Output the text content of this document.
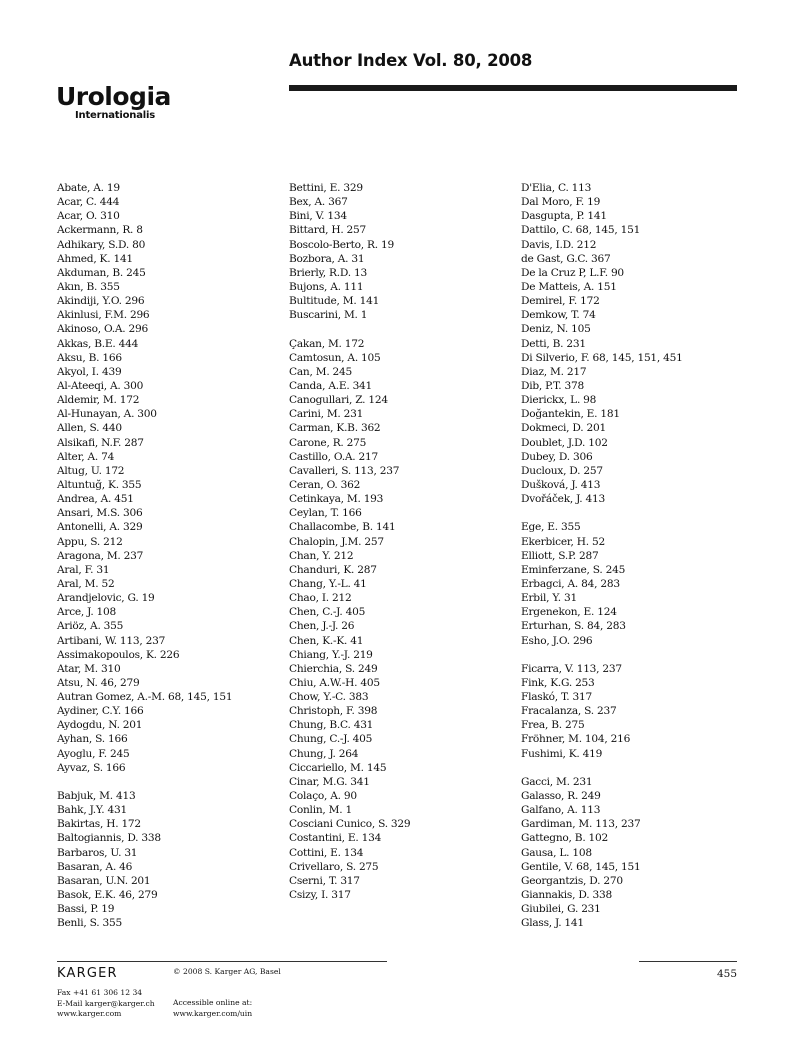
Author Index Vol. 80, 2008
Urologia
Internationalis
Abate, A. 19
Acar, C. 444
Acar, O. 310
Ackermann, R. 8
Adhikary, S.D. 80
Ahmed, K. 141
Akduman, B. 245
Akın, B. 355
Akindiji, Y.O. 296
Akinlusi, F.M. 296
Akinoso, O.A. 296
Akkas, B.E. 444
Aksu, B. 166
Akyol, I. 439
Al-Ateeqi, A. 300
Aldemir, M. 172
Al-Hunayan, A. 300
Allen, S. 440
Alsikafi, N.F. 287
Alter, A. 74
Altug, U. 172
Altuntuğ, K. 355
Andrea, A. 451
Ansari, M.S. 306
Antonelli, A. 329
Appu, S. 212
Aragona, M. 237
Aral, F. 31
Aral, M. 52
Arandjelovic, G. 19
Arce, J. 108
Ariöz, A. 355
Artibani, W. 113, 237
Assimakopoulos, K. 226
Atar, M. 310
Atsu, N. 46, 279
Autran Gomez, A.-M. 68, 145, 151
Aydiner, C.Y. 166
Aydogdu, N. 201
Ayhan, S. 166
Ayoglu, F. 245
Ayvaz, S. 166
Babjuk, M. 413
Bahk, J.Y. 431
Bakirtas, H. 172
Baltogiannis, D. 338
Barbaros, U. 31
Basaran, A. 46
Basaran, U.N. 201
Basok, E.K. 46, 279
Bassi, P. 19
Benli, S. 355
Bettini, E. 329
Bex, A. 367
Bini, V. 134
Bittard, H. 257
Boscolo-Berto, R. 19
Bozbora, A. 31
Brierly, R.D. 13
Bujons, A. 111
Bultitude, M. 141
Buscarini, M. 1
Çakan, M. 172
Camtosun, A. 105
Can, M. 245
Canda, A.E. 341
Canogullari, Z. 124
Carini, M. 231
Carman, K.B. 362
Carone, R. 275
Castillo, O.A. 217
Cavalleri, S. 113, 237
Ceran, O. 362
Cetinkaya, M. 193
Ceylan, T. 166
Challacombe, B. 141
Chalopin, J.M. 257
Chan, Y. 212
Chanduri, K. 287
Chang, Y.-L. 41
Chao, I. 212
Chen, C.-J. 405
Chen, J.-J. 26
Chen, K.-K. 41
Chiang, Y.-J. 219
Chierchia, S. 249
Chiu, A.W.-H. 405
Chow, Y.-C. 383
Christoph, F. 398
Chung, B.C. 431
Chung, C.-J. 405
Chung, J. 264
Ciccariello, M. 145
Cinar, M.G. 341
Colaço, A. 90
Conlin, M. 1
Cosciani Cunico, S. 329
Costantini, E. 134
Cottini, E. 134
Crivellaro, S. 275
Cserni, T. 317
Csizy, I. 317
D'Elia, C. 113
Dal Moro, F. 19
Dasgupta, P. 141
Dattilo, C. 68, 145, 151
Davis, I.D. 212
de Gast, G.C. 367
De la Cruz P, L.F. 90
De Matteis, A. 151
Demirel, F. 172
Demkow, T. 74
Deniz, N. 105
Detti, B. 231
Di Silverio, F. 68, 145, 151, 451
Diaz, M. 217
Dib, P.T. 378
Dierickx, L. 98
Doğantekin, E. 181
Dokmeci, D. 201
Doublet, J.D. 102
Dubey, D. 306
Ducloux, D. 257
Dušková, J. 413
Dvořáček, J. 413
Ege, E. 355
Ekerbicer, H. 52
Elliott, S.P. 287
Eminferzane, S. 245
Erbagci, A. 84, 283
Erbil, Y. 31
Ergenekon, E. 124
Erturhan, S. 84, 283
Esho, J.O. 296
Ficarra, V. 113, 237
Fink, K.G. 253
Flaskó, T. 317
Fracalanza, S. 237
Frea, B. 275
Fröhner, M. 104, 216
Fushimi, K. 419
Gacci, M. 231
Galasso, R. 249
Galfano, A. 113
Gardiman, M. 113, 237
Gattegno, B. 102
Gausa, L. 108
Gentile, V. 68, 145, 151
Georgantzis, D. 270
Giannakis, D. 338
Giubilei, G. 231
Glass, J. 141
KARGER
Fax +41 61 306 12 34
E-Mail karger@karger.ch
www.karger.com
© 2008 S. Karger AG, Basel
Accessible online at:
www.karger.com/uin
455
